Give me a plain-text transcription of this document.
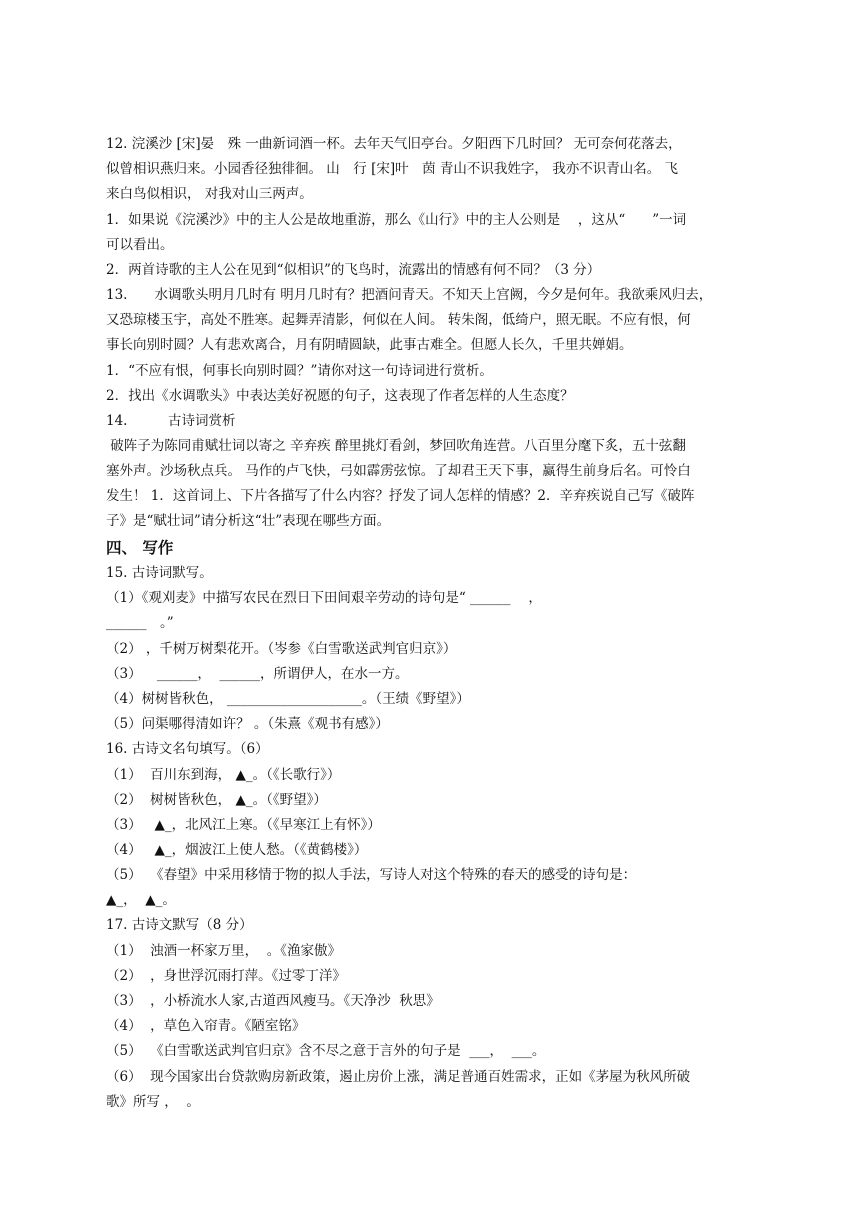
12. 浣溪沙 [宋]晏　殊 一曲新词酒一杯。去年天气旧亭台。夕阳西下几时回？ 无可奈何花落去，
似曾相识燕归来。小园香径独徘徊。 山　行 [宋]叶　茵 青山不识我姓字， 我亦不识青山名。 飞
来白鸟似相识， 对我对山三两声。
1．如果说《浣溪沙》中的主人公是故地重游，那么《山行》中的主人公则是　 ，这从“　　”一词
可以看出。
2．两首诗歌的主人公在见到“似相识”的飞鸟时，流露出的情感有何不同？（3 分）
13.　　水调歌头明月几时有 明月几时有？把酒问青天。不知天上宫阙，今夕是何年。我欲乘风归去，
又恐琼楼玉宇，高处不胜寒。起舞弄清影，何似在人间。 转朱阁，低绮户，照无眠。不应有恨，何
事长向别时圆？人有悲欢离合，月有阴晴圆缺，此事古难全。但愿人长久，千里共婵娟。
1．“不应有恨，何事长向别时圆？”请你对这一句诗词进行赏析。
2．找出《水调歌头》中表达美好祝愿的句子，这表现了作者怎样的人生态度？
14.　　　古诗词赏析
破阵子为陈同甫赋壮词以寄之 辛弃疾 醉里挑灯看剑，梦回吹角连营。八百里分麾下炙，五十弦翻
塞外声。沙场秋点兵。 马作的卢飞快，弓如霹雳弦惊。了却君王天下事，赢得生前身后名。可怜白
发生！ 1．这首词上、下片各描写了什么内容？抒发了词人怎样的情感？2．辛弃疾说自己写《破阵
子》是“赋壮词”请分析这“壮”表现在哪些方面。
四、 写作
15. 古诗词默写。
（1）《观刈麦》中描写农民在烈日下田间艰辛劳动的诗句是“ ______　 ，
______　。”
（2） ，千树万树梨花开。（岑参《白雪歌送武判官归京》）
（3）　  ______，  ______，所谓伊人，在水一方。
（4）树树皆秋色， ____________________。（王绩《野望》）
（5）问渠哪得清如许？ 。（朱熹《观书有感》）
16. 古诗文名句填写。（6）
（1）  百川东到海， ▲_。（《长歌行》）
（2）  树树皆秋色， ▲_。（《野望》）
（3）   ▲_，北风江上寒。（《早寒江上有怀》）
（4）   ▲_，烟波江上使人愁。（《黄鹤楼》）
（5）  《春望》中采用移情于物的拟人手法，写诗人对这个特殊的春天的感受的诗句是：
▲_，  ▲_。
17. 古诗文默写（8 分）
（1）  浊酒一杯家万里，  。《渔家傲》
（2）  ，身世浮沉雨打萍。《过零丁洋》
（3）  ，小桥流水人家,古道西风瘦马。《天净沙  秋思》
（4）  ，草色入帘青。《陋室铭》
（5）  《白雪歌送武判官归京》含不尽之意于言外的句子是  ___，  ___。
（6）  现今国家出台贷款购房新政策，遏止房价上涨，满足普通百姓需求，正如《茅屋为秋风所破
歌》所写 ，  。
